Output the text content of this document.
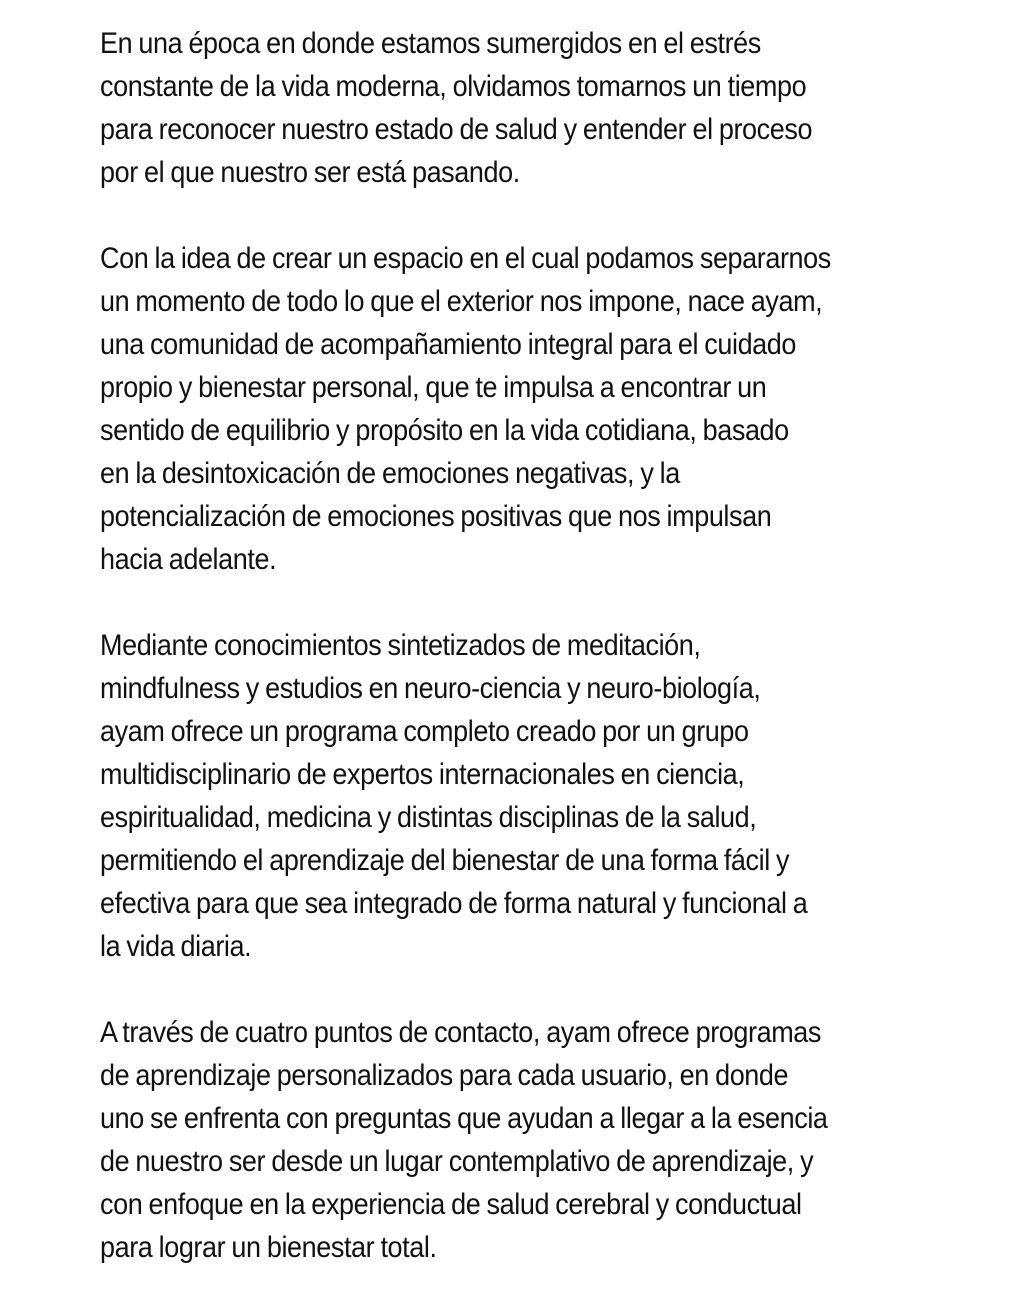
En una época en donde estamos sumergidos en el estrés
constante de la vida moderna, olvidamos tomarnos un tiempo
para reconocer nuestro estado de salud y entender el proceso
por el que nuestro ser está pasando.

Con la idea de crear un espacio en el cual podamos separarnos
un momento de todo lo que el exterior nos impone, nace ayam,
una comunidad de acompañamiento integral para el cuidado
propio y bienestar personal, que te impulsa a encontrar un
sentido de equilibrio y propósito en la vida cotidiana, basado
en la desintoxicación de emociones negativas, y la
potencialización de emociones positivas que nos impulsan
hacia adelante.

Mediante conocimientos sintetizados de meditación,
mindfulness y estudios en neuro-ciencia y neuro-biología,
ayam ofrece un programa completo creado por un grupo
multidisciplinario de expertos internacionales en ciencia,
espiritualidad, medicina y distintas disciplinas de la salud,
permitiendo el aprendizaje del bienestar de una forma fácil y
efectiva para que sea integrado de forma natural y funcional a
la vida diaria.

A través de cuatro puntos de contacto, ayam ofrece programas
de aprendizaje personalizados para cada usuario, en donde
uno se enfrenta con preguntas que ayudan a llegar a la esencia
de nuestro ser desde un lugar contemplativo de aprendizaje, y
con enfoque en la experiencia de salud cerebral y conductual
para lograr un bienestar total.
